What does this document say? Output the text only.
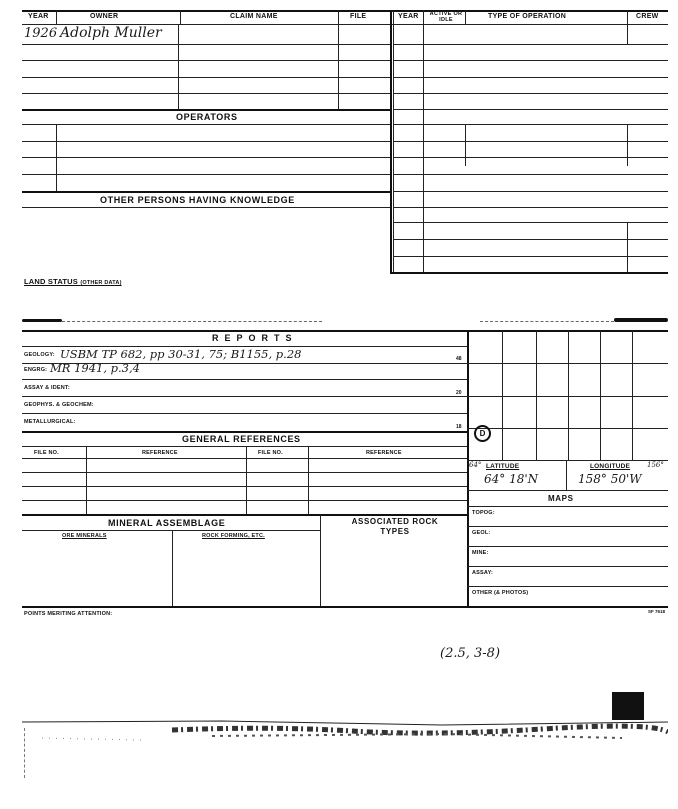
YEAR	OWNER	CLAIM NAME	FILE
1926 Adolph Muller
OPERATORS
OTHER PERSONS HAVING KNOWLEDGE
YEAR	ACTIVE OR IDLE	TYPE OF OPERATION	CREW
LAND STATUS (OTHER DATA)
REPORTS
GEOLOGY: USBM TP 682, pp 30-31, 75; B1155, p.28	48
ENGRG: MR 1941, p.3,4
ASSAY & IDENT:
20
GEOPHYS. & GEOCHEM:
METALLURGICAL:
18
GENERAL REFERENCES
FILE NO.	REFERENCE	FILE NO.	REFERENCE
MINERAL ASSEMBLAGE
ORE MINERALS	ROCK FORMING, ETC.
ASSOCIATED ROCK TYPES
D
64° LATITUDE	LONGITUDE 156°
64° 18'N	158° 50'W
MAPS
TOPOG:
GEOL:
MINE:
ASSAY:
OTHER (& PHOTOS)
POINTS MERITING ATTENTION:	SF 7618
(2.5, 3-8)
